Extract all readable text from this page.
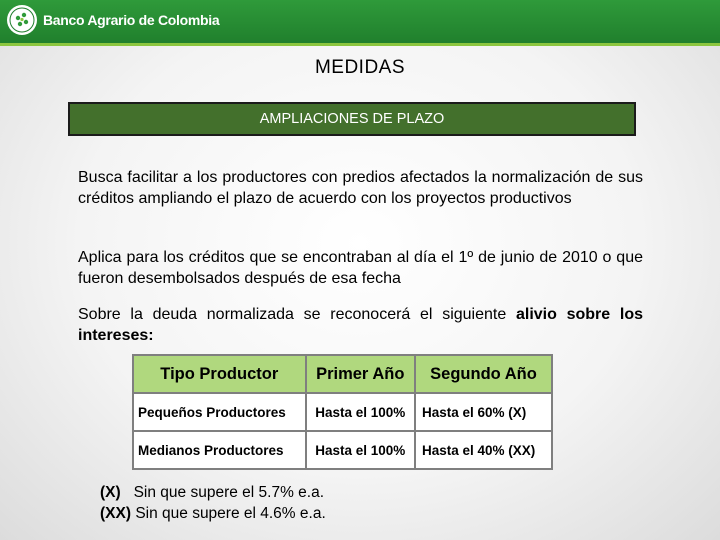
Banco Agrario de Colombia
MEDIDAS
AMPLIACIONES DE PLAZO

Busca facilitar a los productores con predios afectados la normalización de sus créditos ampliando el plazo de acuerdo con los proyectos productivos

Aplica para los créditos que se encontraban al día el 1º de junio de 2010 o que fueron desembolsados después de esa fecha

Sobre la deuda normalizada se reconocerá el siguiente alivio sobre los intereses:

Tipo Productor	Primer Año	Segundo Año
Pequeños Productores	Hasta el 100%	Hasta el 60% (X)
Medianos Productores	Hasta el 100%	Hasta el 40% (XX)
(X) Sin que supere el 5.7% e.a.
(XX) Sin que supere el 4.6% e.a.
